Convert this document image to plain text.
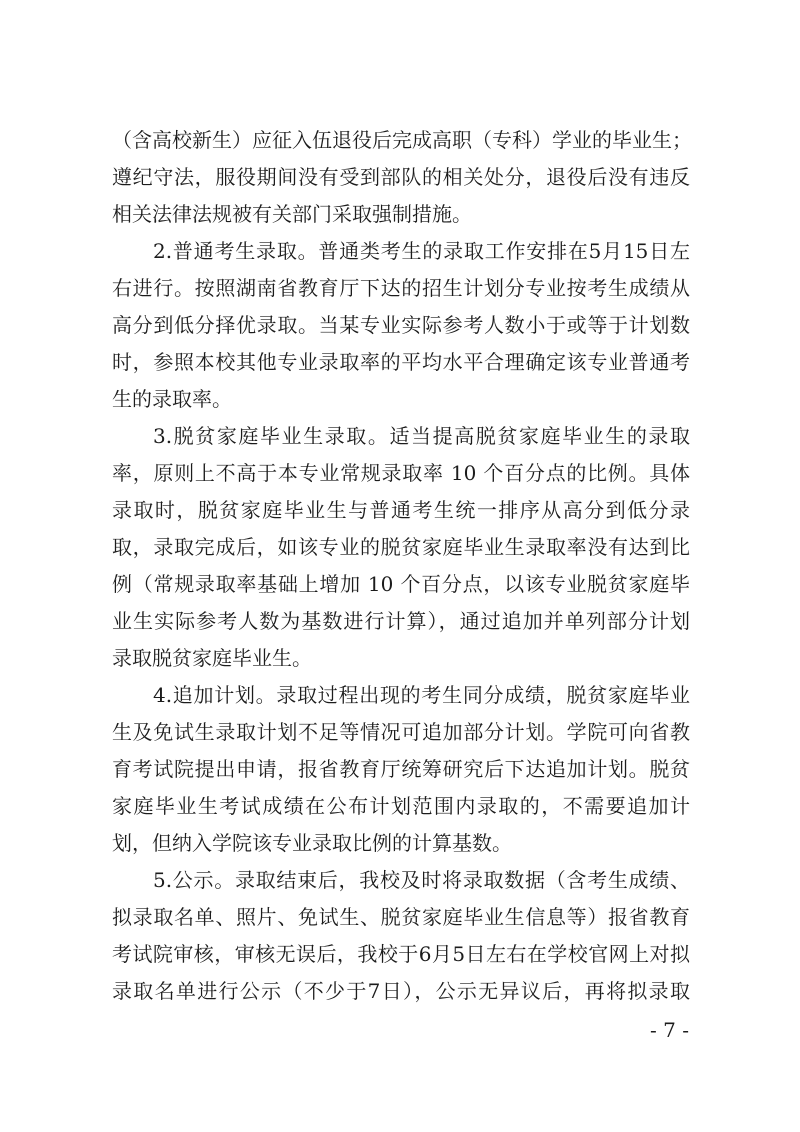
（含高校新生）应征入伍退役后完成高职（专科）学业的毕业生；
遵纪守法，服役期间没有受到部队的相关处分，退役后没有违反
相关法律法规被有关部门采取强制措施。
2.普通考生录取。普通类考生的录取工作安排在5月15日左
右进行。按照湖南省教育厅下达的招生计划分专业按考生成绩从
高分到低分择优录取。当某专业实际参考人数小于或等于计划数
时，参照本校其他专业录取率的平均水平合理确定该专业普通考
生的录取率。
3.脱贫家庭毕业生录取。适当提高脱贫家庭毕业生的录取
率，原则上不高于本专业常规录取率 10 个百分点的比例。具体
录取时，脱贫家庭毕业生与普通考生统一排序从高分到低分录
取，录取完成后，如该专业的脱贫家庭毕业生录取率没有达到比
例（常规录取率基础上增加 10 个百分点，以该专业脱贫家庭毕
业生实际参考人数为基数进行计算），通过追加并单列部分计划
录取脱贫家庭毕业生。
4.追加计划。录取过程出现的考生同分成绩，脱贫家庭毕业
生及免试生录取计划不足等情况可追加部分计划。学院可向省教
育考试院提出申请，报省教育厅统筹研究后下达追加计划。脱贫
家庭毕业生考试成绩在公布计划范围内录取的，不需要追加计
划，但纳入学院该专业录取比例的计算基数。
5.公示。录取结束后，我校及时将录取数据（含考生成绩、
拟录取名单、照片、免试生、脱贫家庭毕业生信息等）报省教育
考试院审核，审核无误后，我校于6月5日左右在学校官网上对拟
录取名单进行公示（不少于7日），公示无异议后，再将拟录取
- 7 -
